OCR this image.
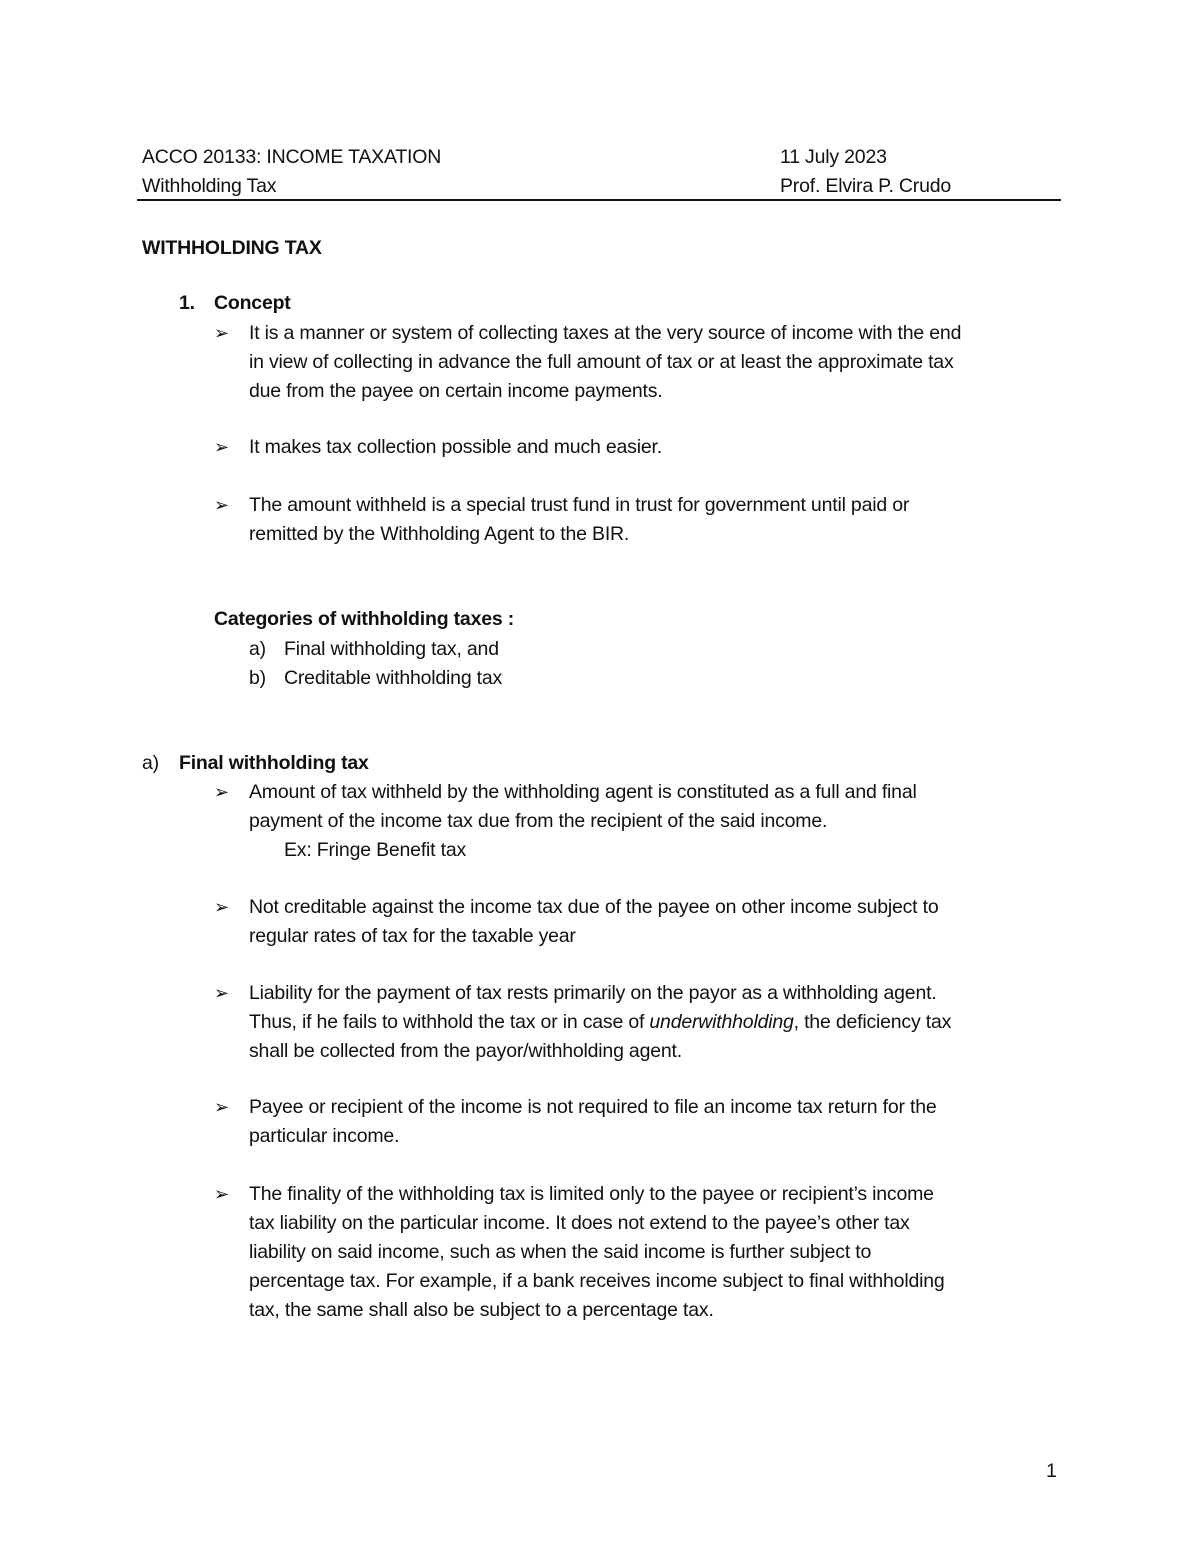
ACCO 20133: INCOME TAXATION	11 July 2023
Withholding Tax	Prof. Elvira P. Crudo
WITHHOLDING TAX
1. Concept
➢ It is a manner or system of collecting taxes at the very source of income with the end
in view of collecting in advance the full amount of tax or at least the approximate tax
due from the payee on certain income payments.
➢ It makes tax collection possible and much easier.
➢ The amount withheld is a special trust fund in trust for government until paid or
remitted by the Withholding Agent to the BIR.
Categories of withholding taxes :
a) Final withholding tax, and
b) Creditable withholding tax
a) Final withholding tax
➢ Amount of tax withheld by the withholding agent is constituted as a full and final
payment of the income tax due from the recipient of the said income.
Ex: Fringe Benefit tax
➢ Not creditable against the income tax due of the payee on other income subject to
regular rates of tax for the taxable year
➢ Liability for the payment of tax rests primarily on the payor as a withholding agent.
Thus, if he fails to withhold the tax or in case of underwithholding, the deficiency tax
shall be collected from the payor/withholding agent.
➢ Payee or recipient of the income is not required to file an income tax return for the
particular income.
➢ The finality of the withholding tax is limited only to the payee or recipient’s income
tax liability on the particular income. It does not extend to the payee’s other tax
liability on said income, such as when the said income is further subject to
percentage tax. For example, if a bank receives income subject to final withholding
tax, the same shall also be subject to a percentage tax.
1
